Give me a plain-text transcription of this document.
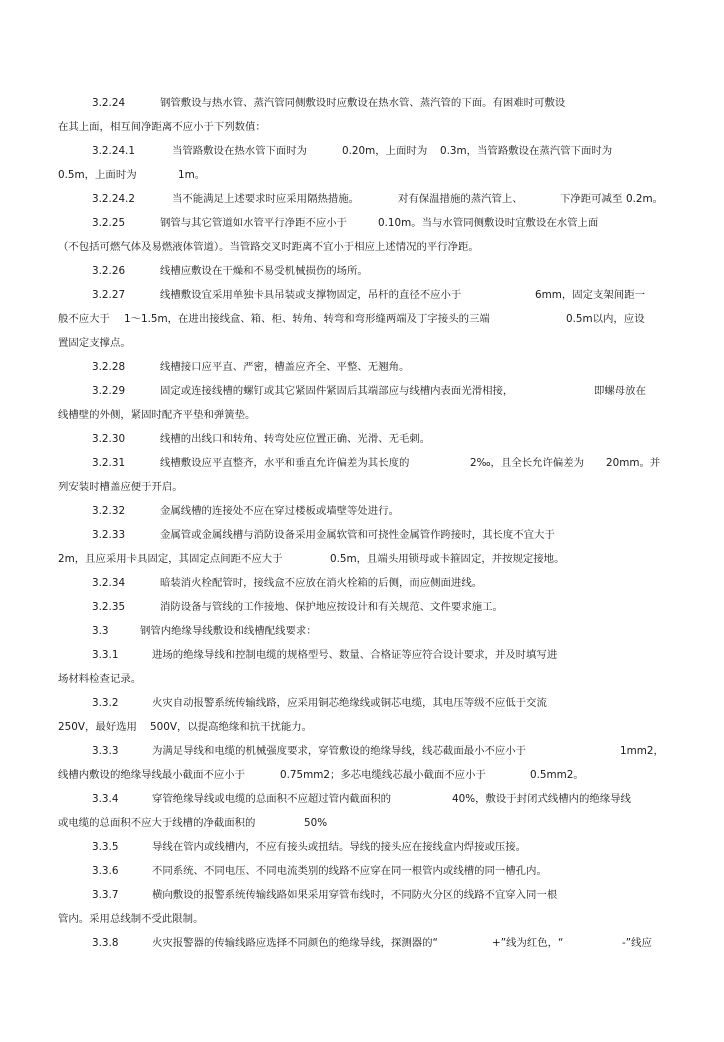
3.2.24

	钢管敷设与热水管、蒸汽管同侧敷设时应敷设在热水管、蒸汽管的下面。有困难时可敷设

在其上面，相互间净距离不应小于下列数值：

3.2.24.1

	当管路敷设在热水管下面时为

	0.20m，上面时为

0.3m，当管路敷设在蒸汽管下面时为

0.5m，上面时为

	1m。

3.2.24.2

	当不能满足上述要求时应采用隔热措施。

	对有保温措施的蒸汽管上、

	下净距可减至

0.2m。

3.2.25

	钢管与其它管道如水管平行净距不应小于

	0.10m。当与水管同侧敷设时宜敷设在水管上面

（不包括可燃气体及易燃液体管道）。当管路交叉时距离不宜小于相应上述情况的平行净距。

3.2.26

	线槽应敷设在干燥和不易受机械损伤的场所。

3.2.27

	线槽敷设宜采用单独卡具吊装或支撑物固定，吊杆的直径不应小于

	6mm，固定支架间距一

般不应大于

1～1.5m，在进出接线盒、箱、柜、转角、转弯和弯形缝两端及丁字接头的三端

	0.5m以内，应设

置固定支撑点。

3.2.28

	线槽接口应平直、严密，槽盖应齐全、平整、无翘角。

3.2.29

	固定或连接线槽的螺钉或其它紧固件紧固后其端部应与线槽内表面光滑相接，

	即螺母放在

线槽壁的外侧，紧固时配齐平垫和弹簧垫。

3.2.30

	线槽的出线口和转角、转弯处应位置正确、光滑、无毛刺。

3.2.31

	线槽敷设应平直整齐，水平和垂直允许偏差为其长度的

	2‰，且全长允许偏差为

20mm。并

列安装时槽盖应便于开启。

3.2.32

	金属线槽的连接处不应在穿过楼板或墙壁等处进行。

3.2.33

	金属管或金属线槽与消防设备采用金属软管和可挠性金属管作跨接时，其长度不宜大于

2m，且应采用卡具固定，其固定点间距不应大于

	0.5m，且端头用锁母或卡箍固定，并按规定接地。

3.2.34

	暗装消火栓配管时，接线盒不应放在消火栓箱的后侧，而应侧面进线。

3.2.35

	消防设备与管线的工作接地、保护地应按设计和有关规范、文件要求施工。

3.3

	钢管内绝缘导线敷设和线槽配线要求：

3.3.1

	进场的绝缘导线和控制电缆的规格型号、数量、合格证等应符合设计要求，并及时填写进

场材料检查记录。

3.3.2

	火灾自动报警系统传输线路，应采用铜芯绝缘线或铜芯电缆，其电压等级不应低于交流

250V，最好选用

500V，以提高绝缘和抗干扰能力。

3.3.3

	为满足导线和电缆的机械强度要求，穿管敷设的绝缘导线，线芯截面最小不应小于

	1mm2，

线槽内敷设的绝缘导线最小截面不应小于

	0.75mm2；多芯电缆线芯最小截面不应小于

	0.5mm2。

3.3.4

	穿管绝缘导线或电缆的总面积不应超过管内截面积的

	40%，敷设于封闭式线槽内的绝缘导线

或电缆的总面积不应大于线槽的净截面积的

	50%

3.3.5

	导线在管内或线槽内，不应有接头或扭结。导线的接头应在接线盒内焊接或压接。

3.3.6

	不同系统、不同电压、不同电流类别的线路不应穿在同一根管内或线槽的同一槽孔内。

3.3.7

	横向敷设的报警系统传输线路如果采用穿管布线时，不同防火分区的线路不宜穿入同一根

管内。采用总线制不受此限制。

3.3.8

	火灾报警器的传输线路应选择不同颜色的绝缘导线，探测器的“

	+”线为红色，“

	-”线应
